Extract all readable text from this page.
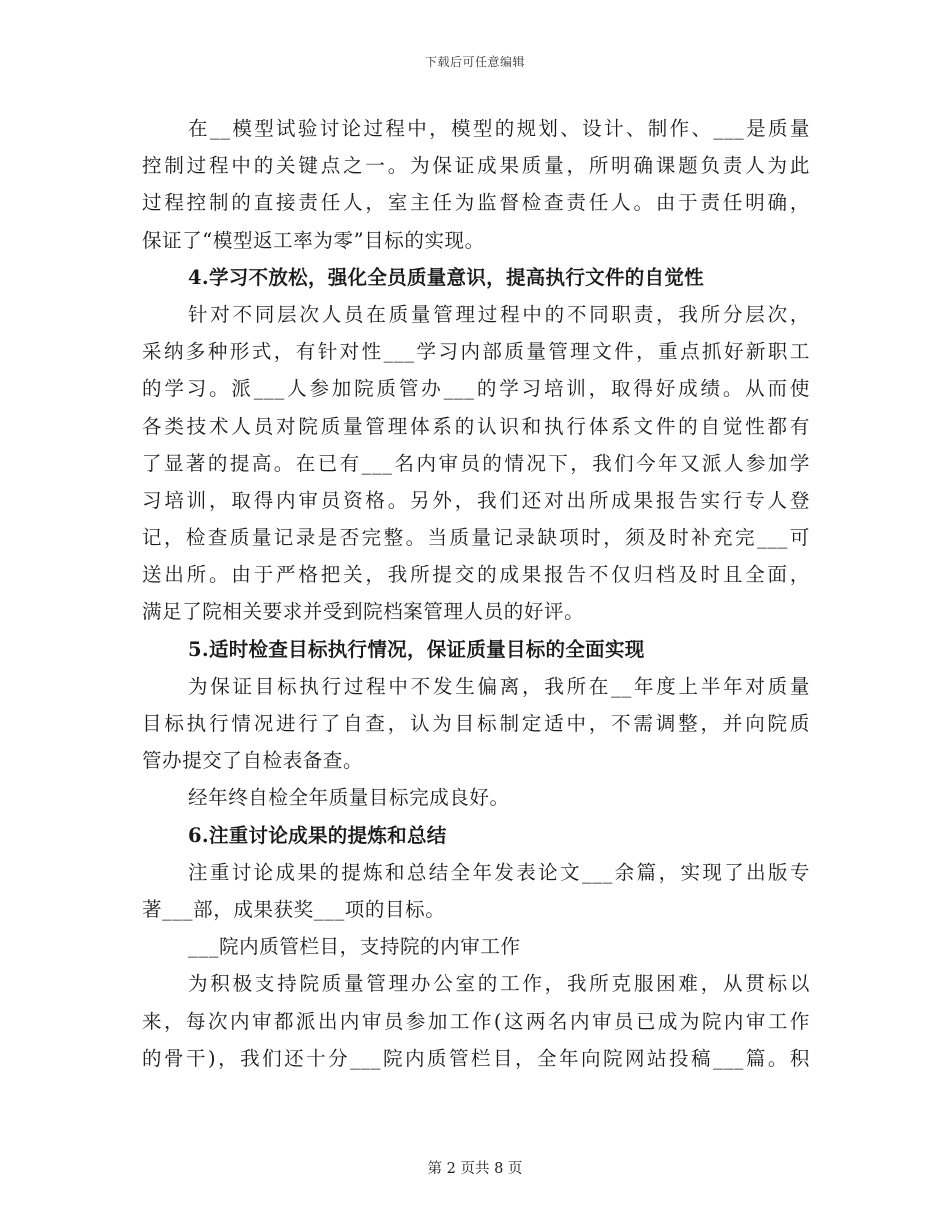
下载后可任意编辑
在__模型试验讨论过程中，模型的规划、设计、制作、___是质量
控制过程中的关键点之一。为保证成果质量，所明确课题负责人为此
过程控制的直接责任人，室主任为监督检查责任人。由于责任明确，
保证了“模型返工率为零”目标的实现。
4.学习不放松，强化全员质量意识，提高执行文件的自觉性
针对不同层次人员在质量管理过程中的不同职责，我所分层次，
采纳多种形式，有针对性___学习内部质量管理文件，重点抓好新职工
的学习。派___人参加院质管办___的学习培训，取得好成绩。从而使
各类技术人员对院质量管理体系的认识和执行体系文件的自觉性都有
了显著的提高。在已有___名内审员的情况下，我们今年又派人参加学
习培训，取得内审员资格。另外，我们还对出所成果报告实行专人登
记，检查质量记录是否完整。当质量记录缺项时，须及时补充完___可
送出所。由于严格把关，我所提交的成果报告不仅归档及时且全面，
满足了院相关要求并受到院档案管理人员的好评。
5.适时检查目标执行情况，保证质量目标的全面实现
为保证目标执行过程中不发生偏离，我所在__年度上半年对质量
目标执行情况进行了自查，认为目标制定适中，不需调整，并向院质
管办提交了自检表备查。
经年终自检全年质量目标完成良好。
6.注重讨论成果的提炼和总结
注重讨论成果的提炼和总结全年发表论文___余篇，实现了出版专
著___部，成果获奖___项的目标。
___院内质管栏目，支持院的内审工作
为积极支持院质量管理办公室的工作，我所克服困难，从贯标以
来，每次内审都派出内审员参加工作(这两名内审员已成为院内审工作
的骨干)，我们还十分___院内质管栏目，全年向院网站投稿___篇。积
第 2 页共 8 页
